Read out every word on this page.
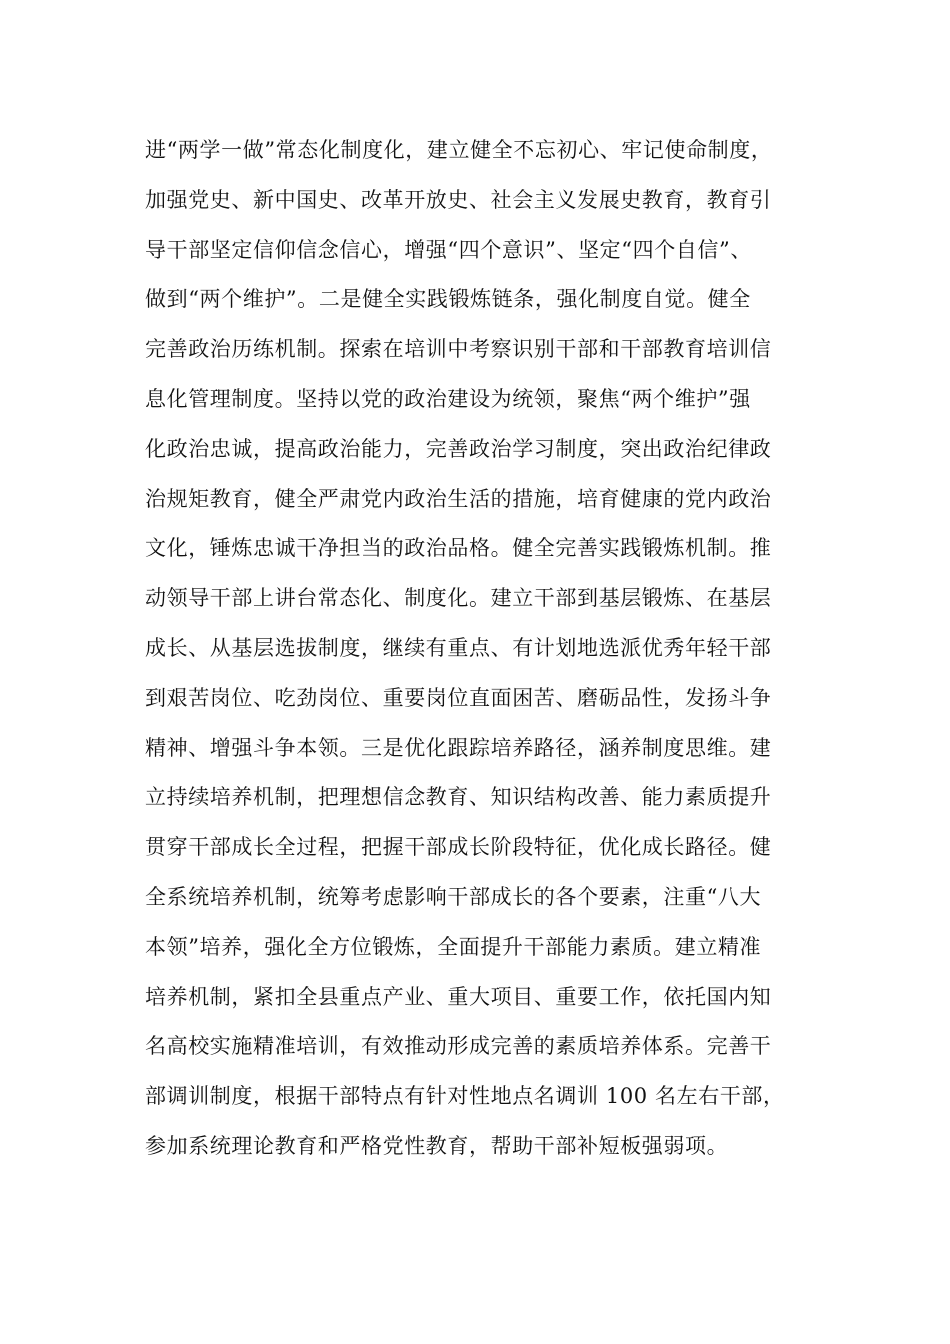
进“两学一做”常态化制度化，建立健全不忘初心、牢记使命制度，
加强党史、新中国史、改革开放史、社会主义发展史教育，教育引
导干部坚定信仰信念信心，增强“四个意识”、坚定“四个自信”、
做到“两个维护”。二是健全实践锻炼链条，强化制度自觉。健全
完善政治历练机制。探索在培训中考察识别干部和干部教育培训信
息化管理制度。坚持以党的政治建设为统领，聚焦“两个维护”强
化政治忠诚，提高政治能力，完善政治学习制度，突出政治纪律政
治规矩教育，健全严肃党内政治生活的措施，培育健康的党内政治
文化，锤炼忠诚干净担当的政治品格。健全完善实践锻炼机制。推
动领导干部上讲台常态化、制度化。建立干部到基层锻炼、在基层
成长、从基层选拔制度，继续有重点、有计划地选派优秀年轻干部
到艰苦岗位、吃劲岗位、重要岗位直面困苦、磨砺品性，发扬斗争
精神、增强斗争本领。三是优化跟踪培养路径，涵养制度思维。建
立持续培养机制，把理想信念教育、知识结构改善、能力素质提升
贯穿干部成长全过程，把握干部成长阶段特征，优化成长路径。健
全系统培养机制，统筹考虑影响干部成长的各个要素，注重“八大
本领”培养，强化全方位锻炼，全面提升干部能力素质。建立精准
培养机制，紧扣全县重点产业、重大项目、重要工作，依托国内知
名高校实施精准培训，有效推动形成完善的素质培养体系。完善干
部调训制度，根据干部特点有针对性地点名调训 100 名左右干部，
参加系统理论教育和严格党性教育，帮助干部补短板强弱项。
